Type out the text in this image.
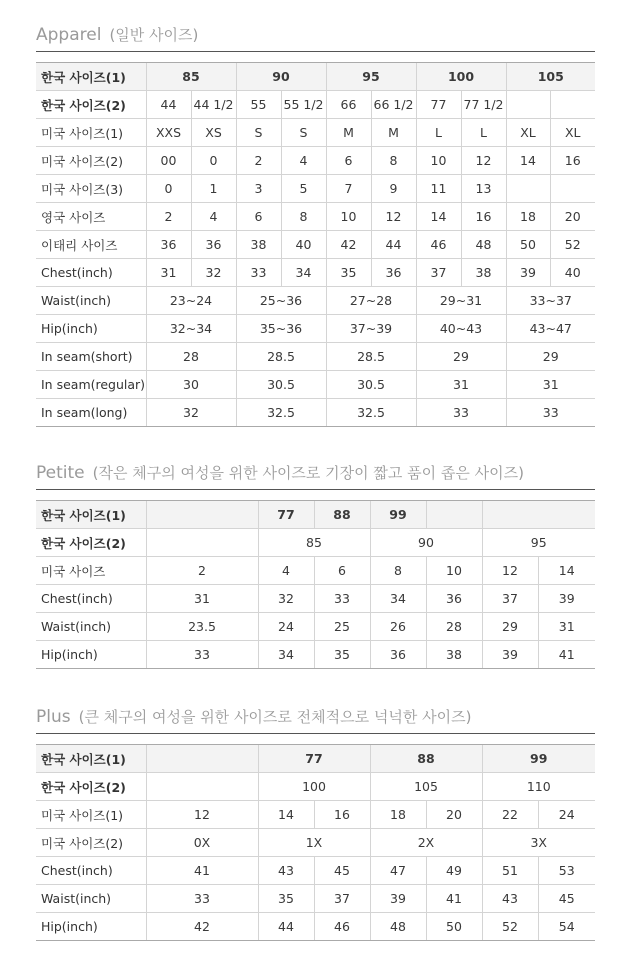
Apparel (일반 사이즈)
한국 사이즈(1)	85		90		95		100		105	
한국 사이즈(2)	44	44 1/2	55	55 1/2	66	66 1/2	77	77 1/2		
미국 사이즈(1)	XXS	XS	S	S	M	M	L	L	XL	XL
미국 사이즈(2)	00	0	2	4	6	8	10	12	14	16
미국 사이즈(3)	0	1	3	5	7	9	11	13		
영국 사이즈	2	4	6	8	10	12	14	16	18	20
이태리 사이즈	36	36	38	40	42	44	46	48	50	52
Chest(inch)	31	32	33	34	35	36	37	38	39	40
Waist(inch)	23~24		25~36		27~28		29~31		33~37	
Hip(inch)	32~34		35~36		37~39		40~43		43~47	
In seam(short)	28		28.5		28.5		29		29	
In seam(regular)	30		30.5		30.5		31		31	
In seam(long)	32		32.5		32.5		33		33	
Petite (작은 체구의 여성을 위한 사이즈로 기장이 짧고 품이 좁은 사이즈)
한국 사이즈(1)		77	88	99			
한국 사이즈(2)		85		90		95	
미국 사이즈	2	4	6	8	10	12	14
Chest(inch)	31	32	33	34	36	37	39
Waist(inch)	23.5	24	25	26	28	29	31
Hip(inch)	33	34	35	36	38	39	41
Plus (큰 체구의 여성을 위한 사이즈로 전체적으로 넉넉한 사이즈)
한국 사이즈(1)		77		88		99	
한국 사이즈(2)		100		105		110	
미국 사이즈(1)	12	14	16	18	20	22	24
미국 사이즈(2)	0X	1X		2X		3X	
Chest(inch)	41	43	45	47	49	51	53
Waist(inch)	33	35	37	39	41	43	45
Hip(inch)	42	44	46	48	50	52	54
